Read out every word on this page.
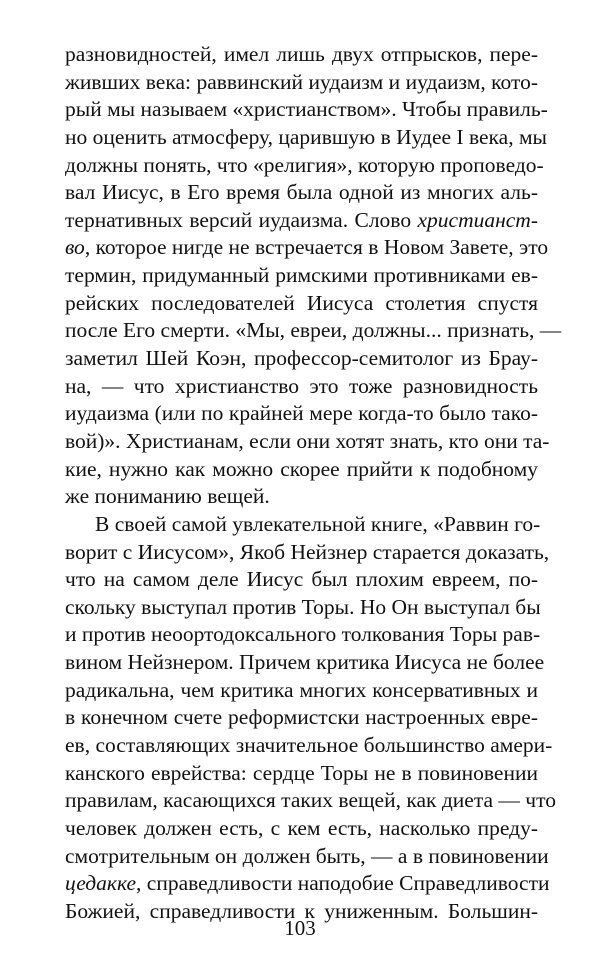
разновидностей, имел лишь двух отпрысков, пере-
живших века: раввинский иудаизм и иудаизм, кото-
рый мы называем «христианством». Чтобы правиль-
но оценить атмосферу, царившую в Иудее I века, мы
должны понять, что «религия», которую проповедо-
вал Иисус, в Его время была одной из многих аль-
тернативных версий иудаизма. Слово христианст-
во, которое нигде не встречается в Новом Завете, это
термин, придуманный римскими противниками ев-
рейских последователей Иисуса столетия спустя
после Его смерти. «Мы, евреи, должны... признать, —
заметил Шей Коэн, профессор-семитолог из Брау-
на, — что христианство это тоже разновидность
иудаизма (или по крайней мере когда-то было тако-
вой)». Христианам, если они хотят знать, кто они та-
кие, нужно как можно скорее прийти к подобному
же пониманию вещей.
В своей самой увлекательной книге, «Раввин го-
ворит с Иисусом», Якоб Нейзнер старается доказать,
что на самом деле Иисус был плохим евреем, по-
скольку выступал против Торы. Но Он выступал бы
и против неоортодоксального толкования Торы рав-
вином Нейзнером. Причем критика Иисуса не более
радикальна, чем критика многих консервативных и
в конечном счете реформистски настроенных евре-
ев, составляющих значительное большинство амери-
канского еврейства: сердце Торы не в повиновении
правилам, касающихся таких вещей, как диета — что
человек должен есть, с кем есть, насколько преду-
смотрительным он должен быть, — а в повиновении
цедакке, справедливости наподобие Справедливости
Божией, справедливости к униженным. Большин-
103
